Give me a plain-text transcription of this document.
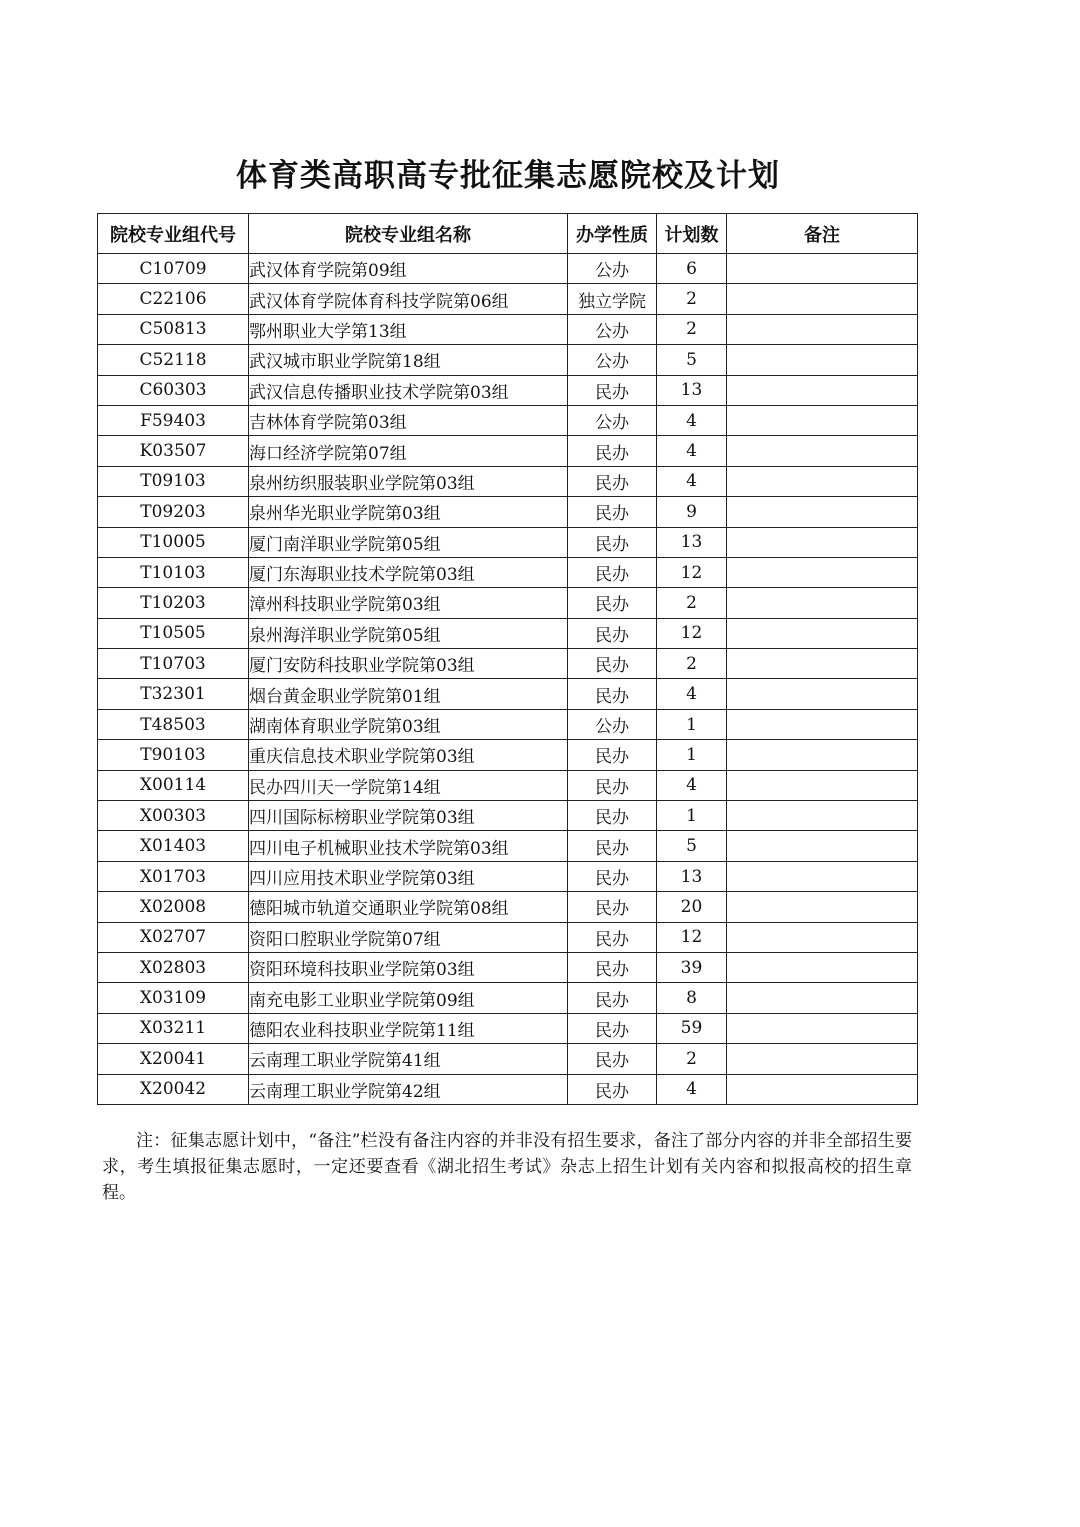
体育类高职高专批征集志愿院校及计划
院校专业组代号	院校专业组名称	办学性质	计划数	备注
C10709	武汉体育学院第09组	公办	6	
C22106	武汉体育学院体育科技学院第06组	独立学院	2	
C50813	鄂州职业大学第13组	公办	2	
C52118	武汉城市职业学院第18组	公办	5	
C60303	武汉信息传播职业技术学院第03组	民办	13	
F59403	吉林体育学院第03组	公办	4	
K03507	海口经济学院第07组	民办	4	
T09103	泉州纺织服装职业学院第03组	民办	4	
T09203	泉州华光职业学院第03组	民办	9	
T10005	厦门南洋职业学院第05组	民办	13	
T10103	厦门东海职业技术学院第03组	民办	12	
T10203	漳州科技职业学院第03组	民办	2	
T10505	泉州海洋职业学院第05组	民办	12	
T10703	厦门安防科技职业学院第03组	民办	2	
T32301	烟台黄金职业学院第01组	民办	4	
T48503	湖南体育职业学院第03组	公办	1	
T90103	重庆信息技术职业学院第03组	民办	1	
X00114	民办四川天一学院第14组	民办	4	
X00303	四川国际标榜职业学院第03组	民办	1	
X01403	四川电子机械职业技术学院第03组	民办	5	
X01703	四川应用技术职业学院第03组	民办	13	
X02008	德阳城市轨道交通职业学院第08组	民办	20	
X02707	资阳口腔职业学院第07组	民办	12	
X02803	资阳环境科技职业学院第03组	民办	39	
X03109	南充电影工业职业学院第09组	民办	8	
X03211	德阳农业科技职业学院第11组	民办	59	
X20041	云南理工职业学院第41组	民办	2	
X20042	云南理工职业学院第42组	民办	4	
注：征集志愿计划中，“备注”栏没有备注内容的并非没有招生要求，备注了部分内容的并非全部招生要求，考生填报征集志愿时，一定还要查看《湖北招生考试》杂志上招生计划有关内容和拟报高校的招生章程。
